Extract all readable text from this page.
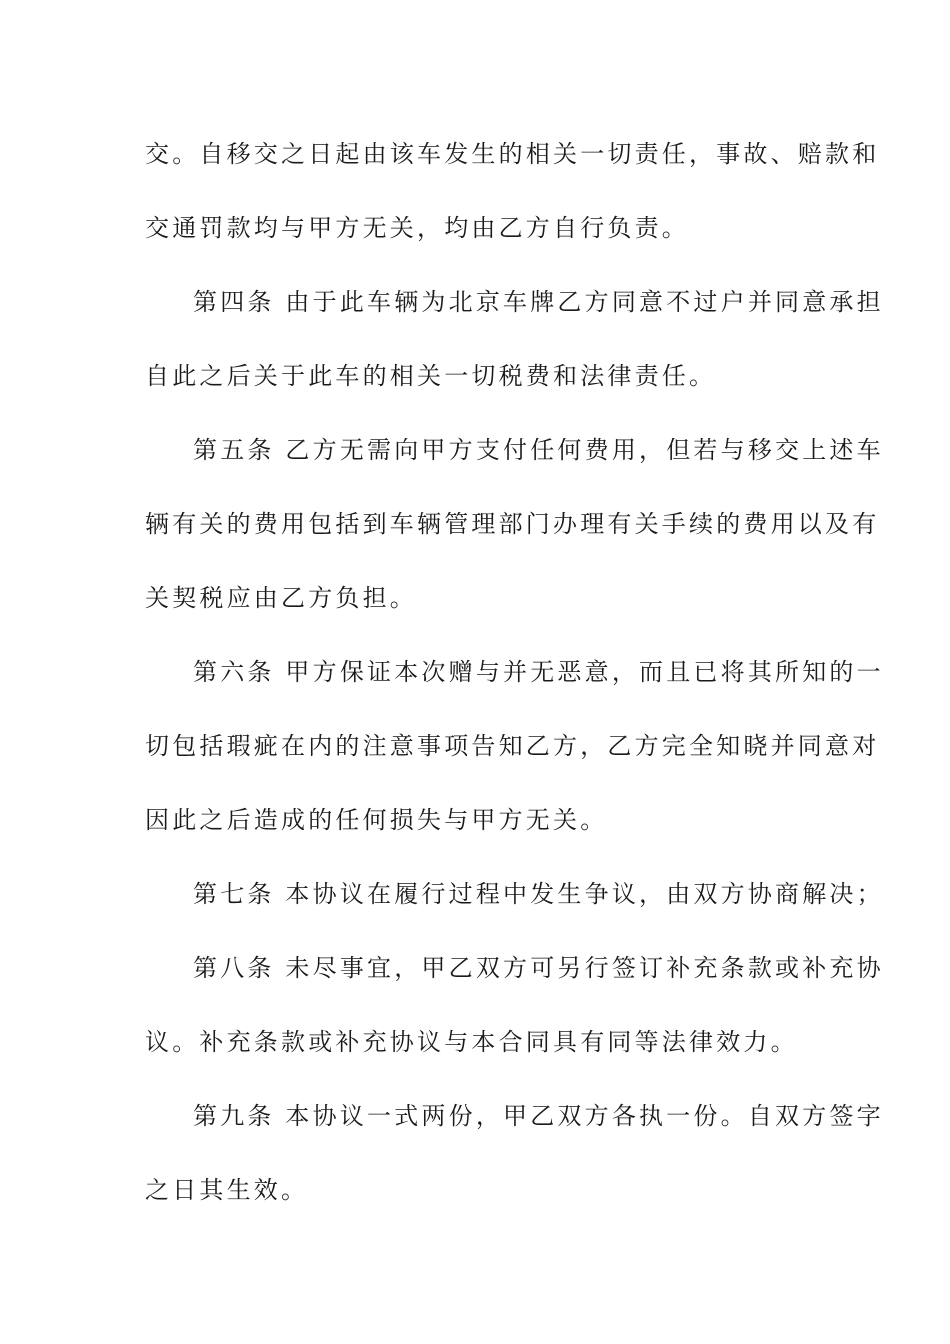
交。自移交之日起由该车发生的相关一切责任，事故、赔款和
交通罚款均与甲方无关，均由乙方自行负责。
第四条 由于此车辆为北京车牌乙方同意不过户并同意承担
自此之后关于此车的相关一切税费和法律责任。
第五条 乙方无需向甲方支付任何费用，但若与移交上述车
辆有关的费用包括到车辆管理部门办理有关手续的费用以及有
关契税应由乙方负担。
第六条 甲方保证本次赠与并无恶意，而且已将其所知的一
切包括瑕疵在内的注意事项告知乙方，乙方完全知晓并同意对
因此之后造成的任何损失与甲方无关。
第七条 本协议在履行过程中发生争议，由双方协商解决；
第八条 未尽事宜，甲乙双方可另行签订补充条款或补充协
议。补充条款或补充协议与本合同具有同等法律效力。
第九条 本协议一式两份，甲乙双方各执一份。自双方签字
之日其生效。
